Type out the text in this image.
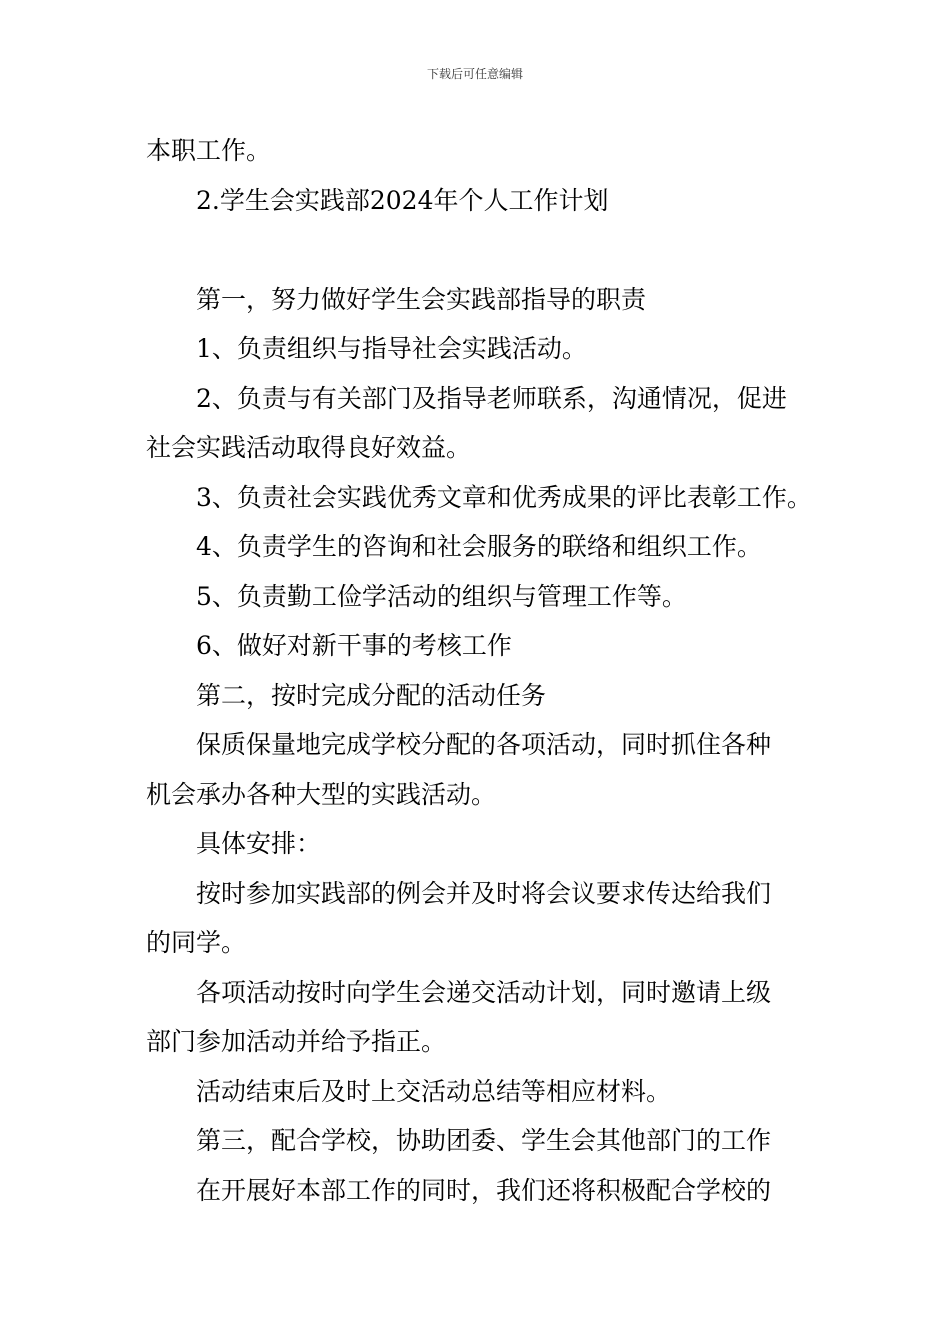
下载后可任意编辑

本职工作。

2.学生会实践部2024年个人工作计划

第一，努力做好学生会实践部指导的职责

1、负责组织与指导社会实践活动。

2、负责与有关部门及指导老师联系，沟通情况，促进

社会实践活动取得良好效益。

3、负责社会实践优秀文章和优秀成果的评比表彰工作。

4、负责学生的咨询和社会服务的联络和组织工作。

5、负责勤工俭学活动的组织与管理工作等。

6、做好对新干事的考核工作

第二，按时完成分配的活动任务

保质保量地完成学校分配的各项活动，同时抓住各种

机会承办各种大型的实践活动。

具体安排：

按时参加实践部的例会并及时将会议要求传达给我们

的同学。

各项活动按时向学生会递交活动计划，同时邀请上级

部门参加活动并给予指正。

活动结束后及时上交活动总结等相应材料。

第三，配合学校，协助团委、学生会其他部门的工作

在开展好本部工作的同时，我们还将积极配合学校的
